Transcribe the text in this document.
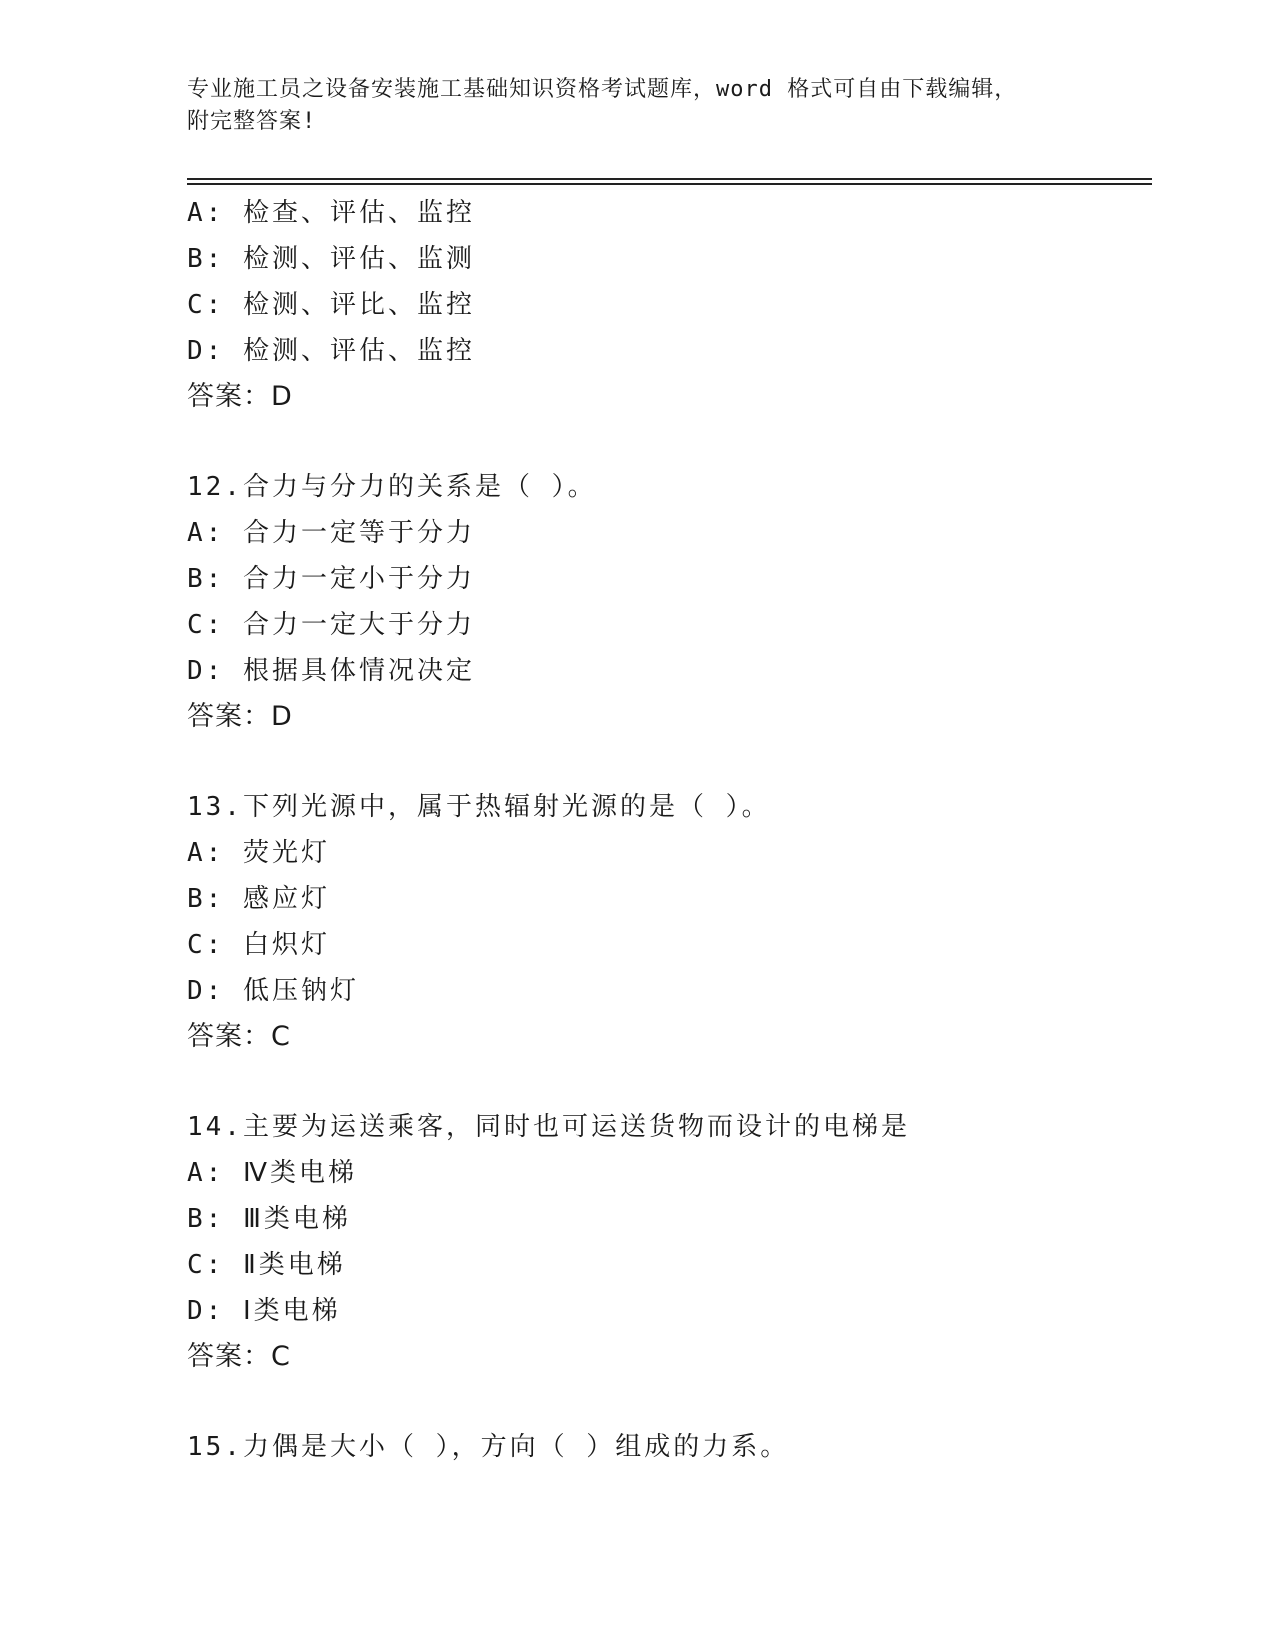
专业施工员之设备安装施工基础知识资格考试题库，word 格式可自由下载编辑，
附完整答案!
A: 检查、评估、监控
B: 检测、评估、监测
C: 检测、评比、监控
D: 检测、评估、监控
答案：D
12.合力与分力的关系是（ ）。
A: 合力一定等于分力
B: 合力一定小于分力
C: 合力一定大于分力
D: 根据具体情况决定
答案：D
13.下列光源中，属于热辐射光源的是（ ）。
A: 荧光灯
B: 感应灯
C: 白炽灯
D: 低压钠灯
答案：C
14.主要为运送乘客，同时也可运送货物而设计的电梯是
A: Ⅳ类电梯
B: Ⅲ类电梯
C: Ⅱ类电梯
D: Ⅰ类电梯
答案：C
15.力偶是大小（ ），方向（ ）组成的力系。
